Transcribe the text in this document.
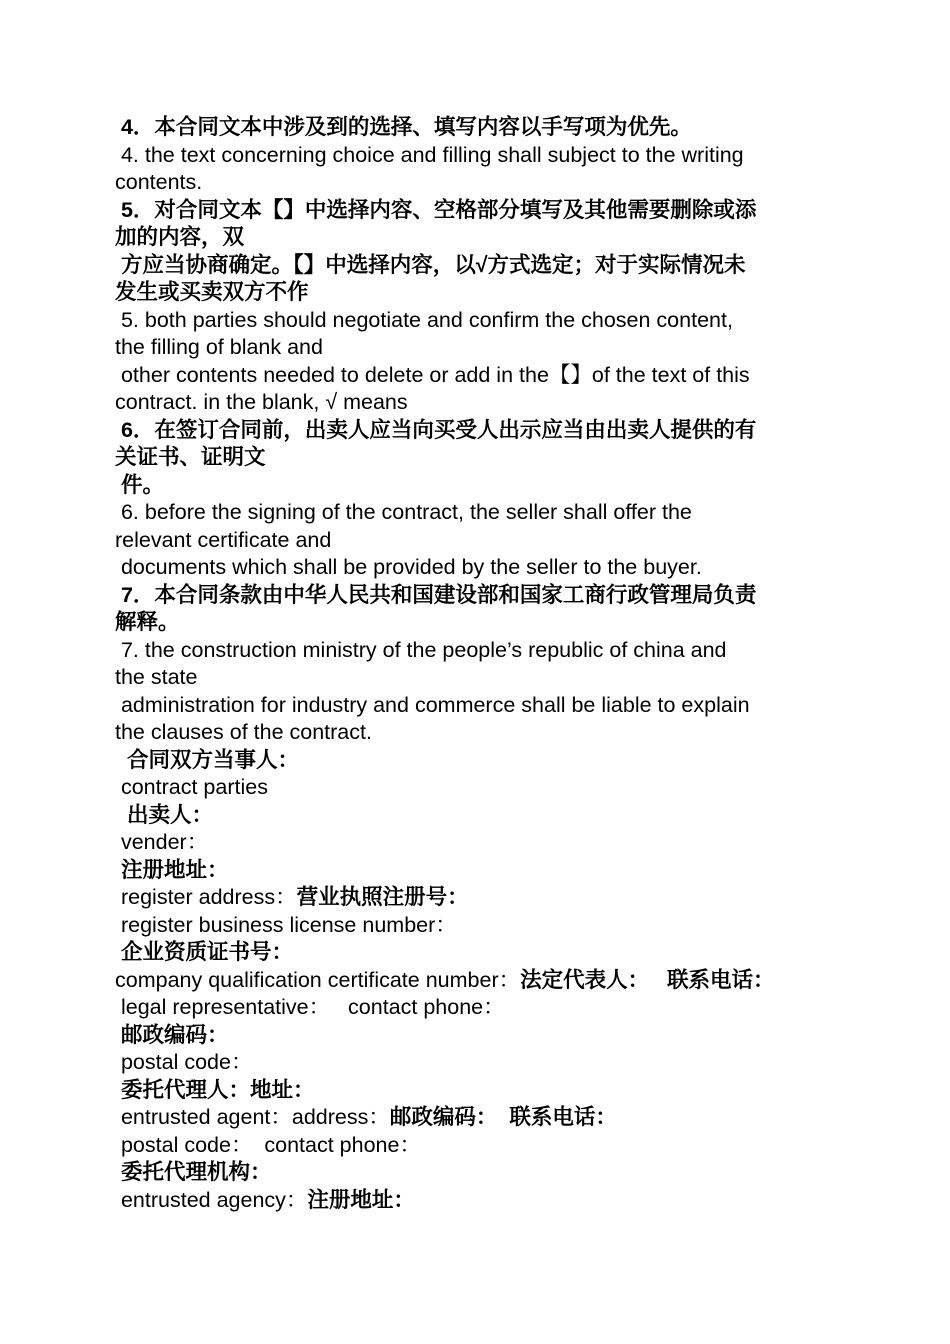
4．本合同文本中涉及到的选择、填写内容以手写项为优先。
4. the text concerning choice and filling shall subject to the writing
contents.
5．对合同文本【】中选择内容、空格部分填写及其他需要删除或添
加的内容，双
方应当协商确定。【】中选择内容，以√方式选定；对于实际情况未
发生或买卖双方不作
5. both parties should negotiate and confirm the chosen content,
the filling of blank and
other contents needed to delete or add in the【】of the text of this
contract. in the blank, √ means
6．在签订合同前，出卖人应当向买受人出示应当由出卖人提供的有
关证书、证明文
件。
6. before the signing of the contract, the seller shall offer the
relevant certificate and
documents which shall be provided by the seller to the buyer.
7．本合同条款由中华人民共和国建设部和国家工商行政管理局负责
解释。
7. the construction ministry of the people’s republic of china and
the state
administration for industry and commerce shall be liable to explain
the clauses of the contract.
合同双方当事人：
contract parties
出卖人：
vender：
注册地址：
register address：营业执照注册号：
register business license number：
企业资质证书号：
company qualification certificate number：法定代表人：   联系电话：
legal representative：   contact phone：
邮政编码：
postal code：
委托代理人：地址：
entrusted agent：address：邮政编码：  联系电话：
postal code：  contact phone：
委托代理机构：
entrusted agency：注册地址：
